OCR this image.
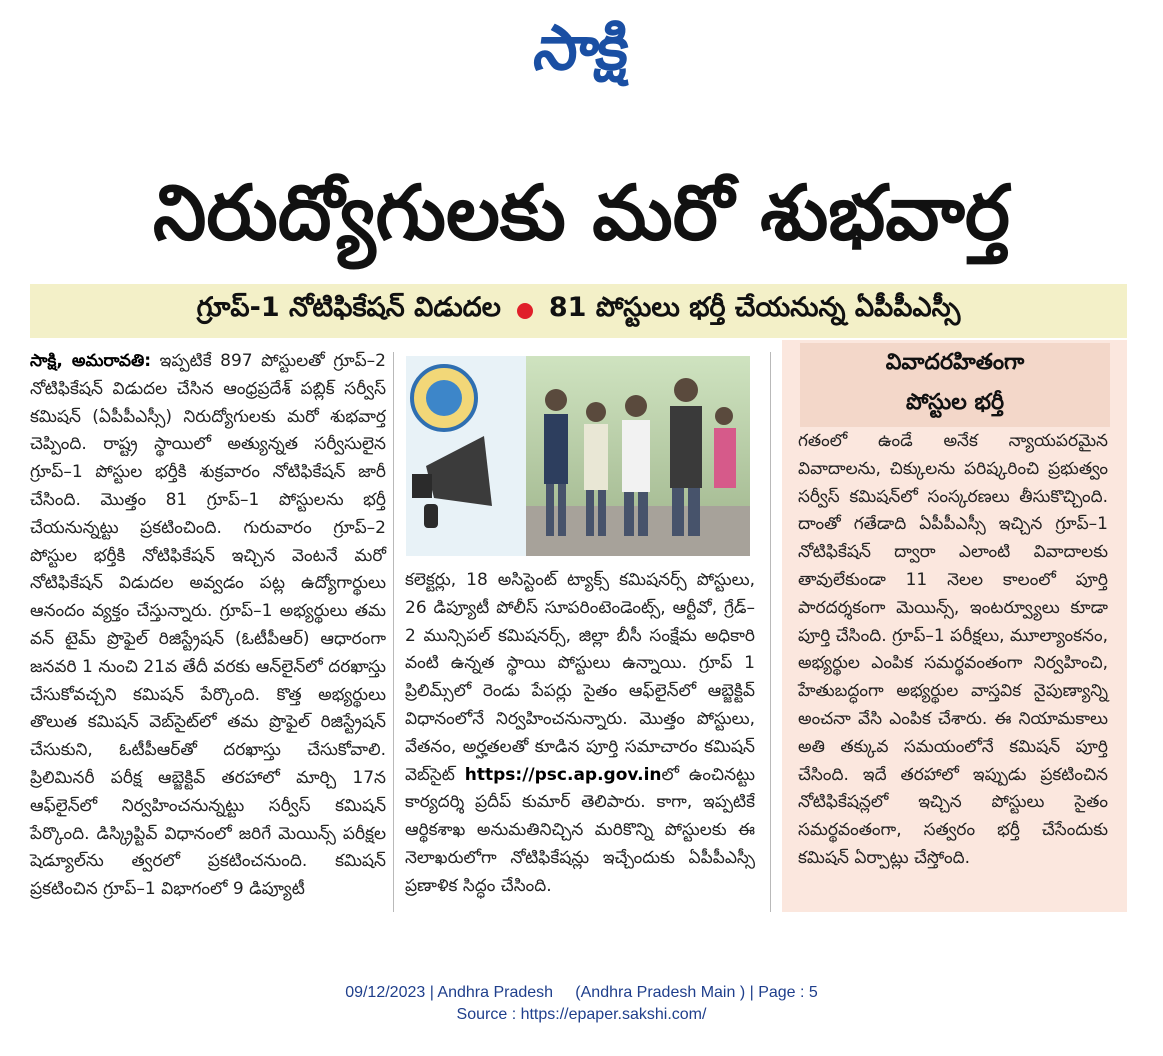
సాక్షి
నిరుద్యోగులకు మరో శుభవార్త
గ్రూప్‌-1 నోటిఫికేషన్‌ విడుదల 81 పోస్టులు భర్తీ చేయనున్న ఏపీపీఎస్సీ
సాక్షి, అమరావతి: ఇప్పటికే 897 పోస్టులతో గ్రూప్‌–2 నోటిఫికేషన్‌ విడుదల చేసిన ఆంధ్రప్రదేశ్‌ పబ్లిక్‌ సర్వీస్‌ కమిషన్‌ (ఏపీపీఎస్సీ) నిరుద్యోగులకు మరో శుభవార్త చెప్పింది. రాష్ట్ర స్థాయిలో అత్యున్నత సర్వీసులైన గ్రూప్‌–1 పోస్టుల భర్తీకి శుక్రవారం నోటిఫికేషన్‌ జారీ చేసింది. మొత్తం 81 గ్రూప్‌–1 పోస్టులను భర్తీ చేయనున్నట్టు ప్రకటించింది. గురువారం గ్రూప్‌–2 పోస్టుల భర్తీకి నోటిఫికేషన్‌ ఇచ్చిన వెంటనే మరో నోటిఫికేషన్‌ విడుదల అవ్వడం పట్ల ఉద్యోగార్థులు ఆనందం వ్యక్తం చేస్తున్నారు. గ్రూప్‌–1 అభ్యర్థులు తమ వన్‌ టైమ్‌ ప్రొఫైల్‌ రిజిస్ట్రేషన్‌ (ఓటీపీఆర్‌) ఆధారంగా జనవరి 1 నుంచి 21వ తేదీ వరకు ఆన్‌లైన్‌లో దరఖాస్తు చేసుకోవచ్చని కమిషన్‌ పేర్కొంది. కొత్త అభ్యర్థులు తొలుత కమిషన్‌ వెబ్‌సైట్‌లో తమ ప్రొఫైల్‌ రిజిస్ట్రేషన్‌ చేసుకుని, ఓటీపీఆర్‌తో దరఖాస్తు చేసుకోవాలి. ప్రిలిమినరీ పరీక్ష ఆబ్జెక్టివ్‌ తరహాలో మార్చి 17న ఆఫ్‌లైన్‌లో నిర్వహించనున్నట్టు సర్వీస్‌ కమిషన్‌ పేర్కొంది. డిస్క్రిప్టివ్‌ విధానంలో జరిగే మెయిన్స్‌ పరీక్షల షెడ్యూల్‌ను త్వరలో ప్రకటించనుంది. కమిషన్‌ ప్రకటించిన గ్రూప్‌–1 విభాగంలో 9 డిప్యూటీ
కలెక్టర్లు, 18 అసిస్టెంట్‌ ట్యాక్స్‌ కమిషనర్స్‌ పోస్టులు, 26 డిప్యూటీ పోలీస్‌ సూపరింటెండెంట్స్‌, ఆర్టీవో, గ్రేడ్‌–2 మున్సిపల్‌ కమిషనర్స్‌, జిల్లా బీసీ సంక్షేమ అధికారి వంటి ఉన్నత స్థాయి పోస్టులు ఉన్నాయి. గ్రూప్‌ 1 ప్రిలిమ్స్‌లో రెండు పేపర్లు సైతం ఆఫ్‌లైన్‌లో ఆబ్జెక్టివ్‌ విధానంలోనే నిర్వహించనున్నారు. మొత్తం పోస్టులు, వేతనం, అర్హతలతో కూడిన పూర్తి సమాచారం కమిషన్‌ వెబ్‌సైట్‌ https://psc.ap.gov.inలో ఉంచినట్టు కార్యదర్శి ప్రదీప్‌ కుమార్‌ తెలిపారు. కాగా, ఇప్పటికే ఆర్థికశాఖ అనుమతినిచ్చిన మరికొన్ని పోస్టులకు ఈ నెలాఖరులోగా నోటిఫికేషన్లు ఇచ్చేందుకు ఏపీపీఎస్సీ ప్రణాళిక సిద్ధం చేసింది.
వివాదరహితంగా
పోస్టుల భర్తీ
గతంలో ఉండే అనేక న్యాయపరమైన వివాదాలను, చిక్కులను పరిష్కరించి ప్రభుత్వం సర్వీస్‌ కమిషన్‌లో సంస్కరణలు తీసుకొచ్చింది. దాంతో గతేడాది ఏపీపీఎస్సీ ఇచ్చిన గ్రూప్‌–1 నోటిఫికేషన్‌ ద్వారా ఎలాంటి వివాదాలకు తావులేకుండా 11 నెలల కాలంలో పూర్తి పారదర్శకంగా మెయిన్స్‌, ఇంటర్వ్యూలు కూడా పూర్తి చేసింది. గ్రూప్‌–1 పరీక్షలు, మూల్యాంకనం, అభ్యర్థుల ఎంపిక సమర్థవంతంగా నిర్వహించి, హేతుబద్ధంగా అభ్యర్థుల వాస్తవిక నైపుణ్యాన్ని అంచనా వేసి ఎంపిక చేశారు. ఈ నియామకాలు అతి తక్కువ సమయంలోనే కమిషన్‌ పూర్తి చేసింది. ఇదే తరహాలో ఇప్పుడు ప్రకటించిన నోటిఫికేషన్లలో ఇచ్చిన పోస్టులు సైతం సమర్థవంతంగా, సత్వరం భర్తీ చేసేందుకు కమిషన్‌ ఏర్పాట్లు చేస్తోంది.
09/12/2023 | Andhra Pradesh     (Andhra Pradesh Main ) | Page : 5
Source : https://epaper.sakshi.com/
